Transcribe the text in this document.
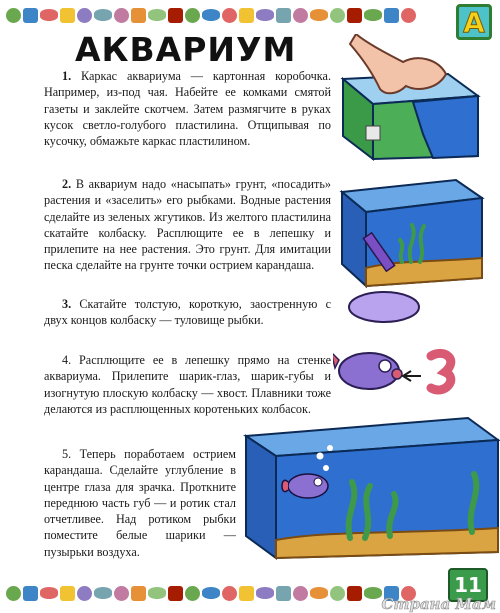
А
АКВАРИУМ

1. Каркас аквариума — картонная коробочка. Например, из-под чая. Набейте ее комками смятой газеты и заклейте скотчем. Затем размягчите в руках кусок светло-голубого пластилина. Отщипывая по кусочку, обмажьте каркас пластилином.

2. В аквариум надо «насыпать» грунт, «посадить» растения и «заселить» его рыбками. Водные растения сделайте из зеленых жгутиков. Из желтого пластилина скатайте колбаску. Расплющите ее в лепешку и прилепите на нее растения. Это грунт. Для имитации песка сделайте на грунте точки острием карандаша.

3. Скатайте толстую, короткую, заостренную с двух концов колбаску — туловище рыбки.

4. Расплющите ее в лепешку прямо на стенке аквариума. Прилепите шарик-глаз, шарик-губы и изогнутую плоскую колбаску — хвост. Плавники тоже делаются из расплющенных коротеньких колбасок.

5. Теперь поработаем острием карандаша. Сделайте углубление в центре глаза для зрачка. Проткните переднюю часть губ — и ротик стал отчетливее. Над ротиком рыбки поместите белые шарики — пузырьки воздуха.

11
Страна Мам
